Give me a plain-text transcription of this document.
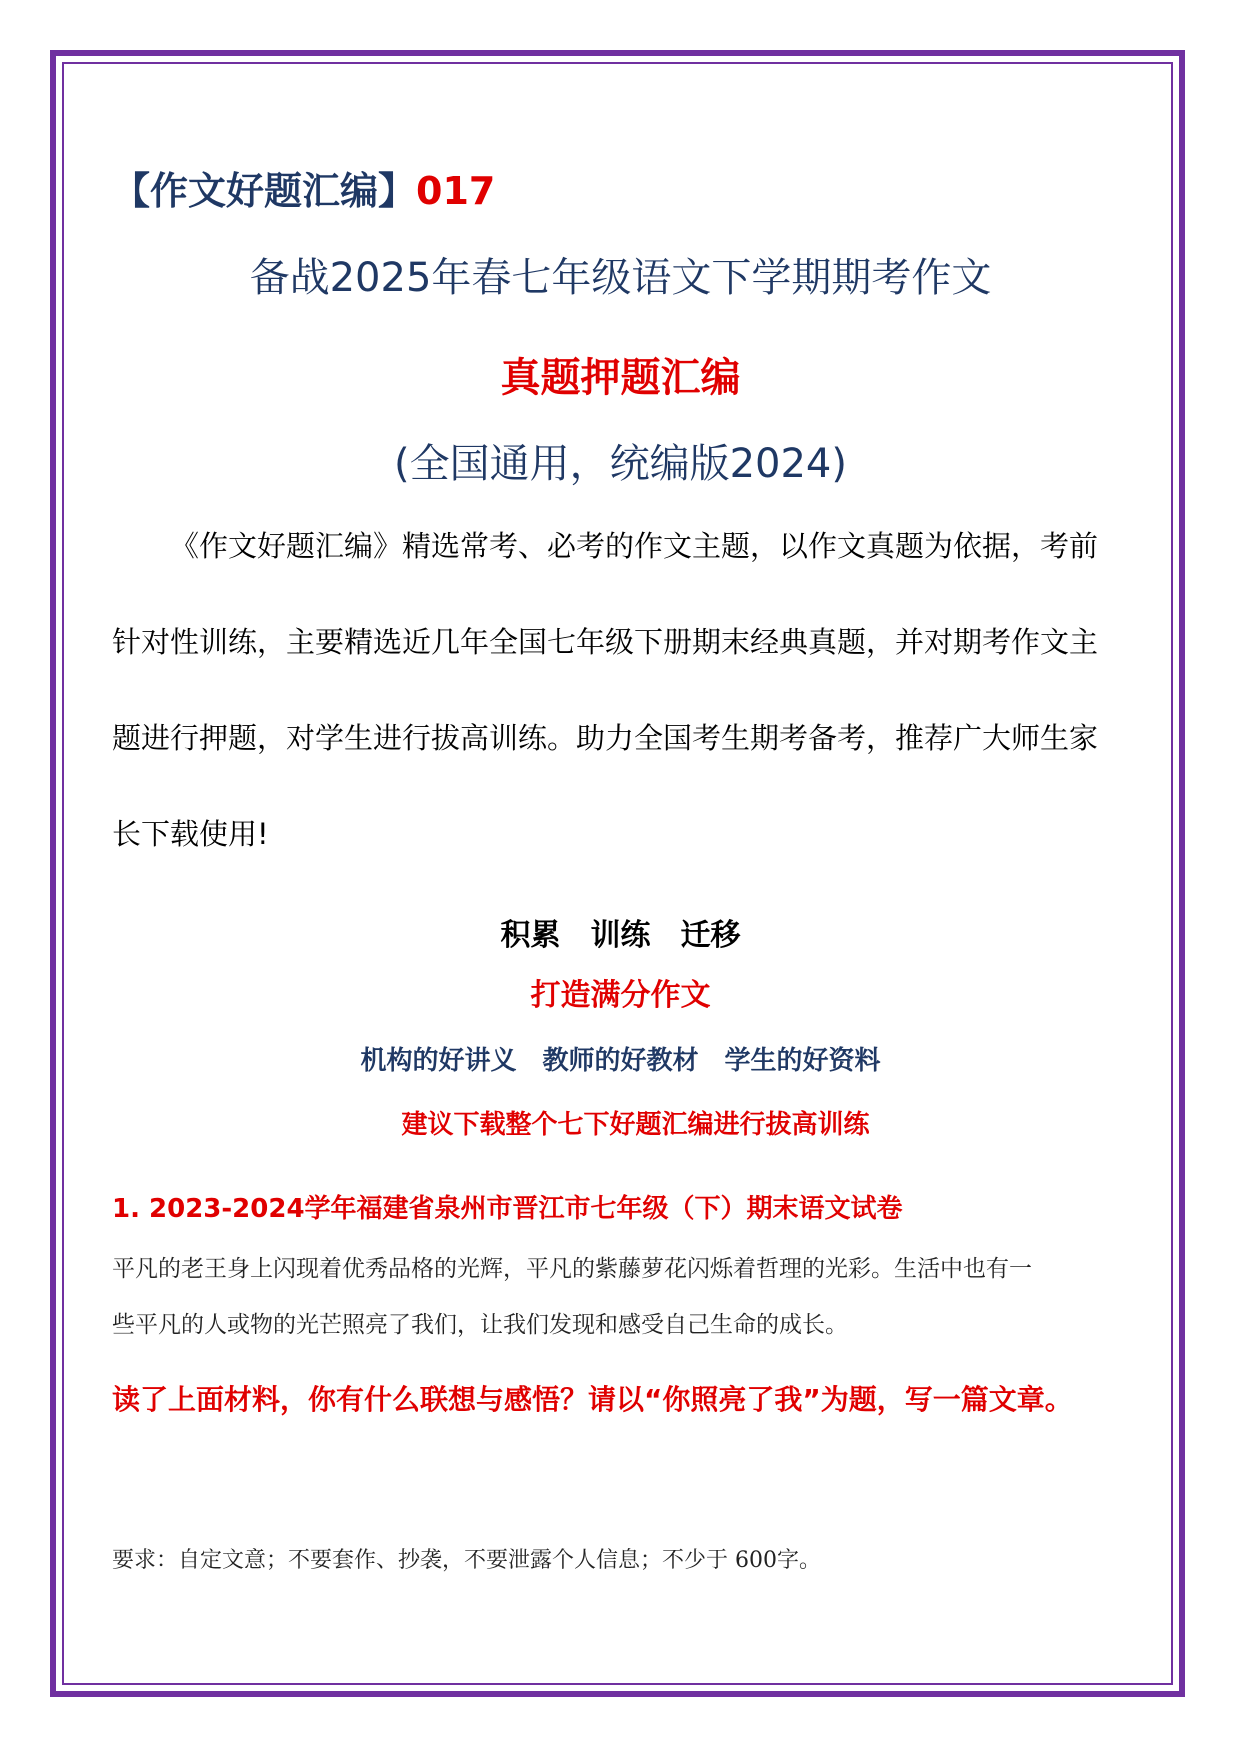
【作文好题汇编】017
备战2025年春七年级语文下学期期考作文
真题押题汇编
(全国通用，统编版2024)
《作文好题汇编》精选常考、必考的作文主题，以作文真题为依据，考前
针对性训练，主要精选近几年全国七年级下册期末经典真题，并对期考作文主
题进行押题，对学生进行拔高训练。助力全国考生期考备考，推荐广大师生家
长下载使用!
积累　训练　迁移
打造满分作文
机构的好讲义　教师的好教材　学生的好资料
建议下载整个七下好题汇编进行拔高训练
1. 2023-2024学年福建省泉州市晋江市七年级（下）期末语文试卷
平凡的老王身上闪现着优秀品格的光辉，平凡的紫藤萝花闪烁着哲理的光彩。生活中也有一
些平凡的人或物的光芒照亮了我们，让我们发现和感受自己生命的成长。
读了上面材料，你有什么联想与感悟？请以“你照亮了我”为题，写一篇文章。
要求：自定文意；不要套作、抄袭，不要泄露个人信息；不少于 600字。
